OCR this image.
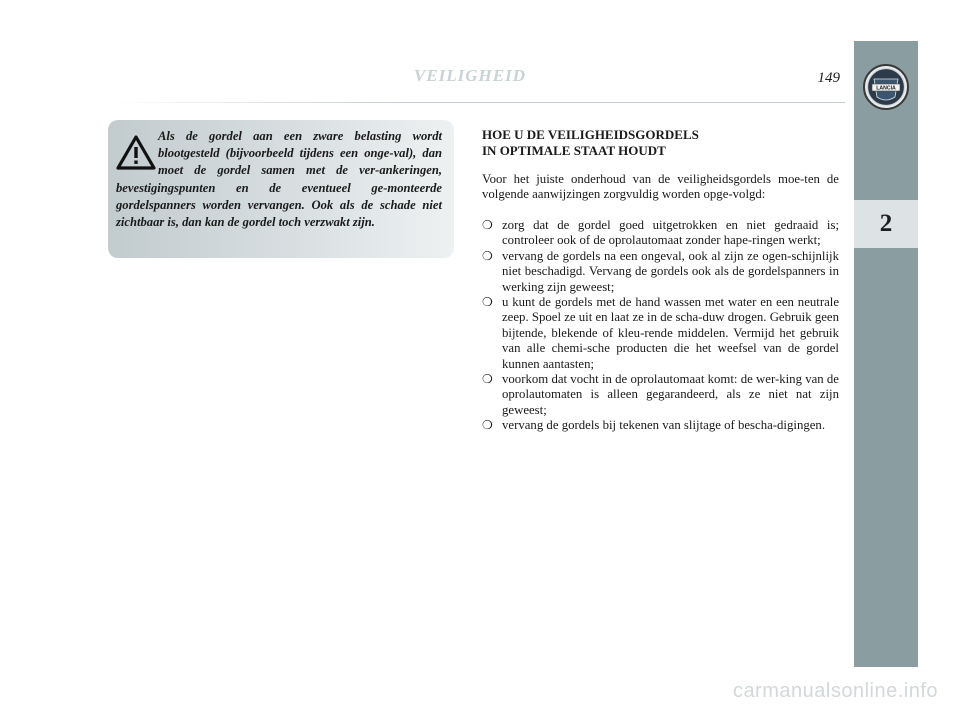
VEILIGHEID	149
LANCIA
2

Als de gordel aan een zware belasting wordt blootgesteld (bijvoorbeeld tijdens een onge-val), dan moet de gordel samen met de ver-ankeringen, bevestigingspunten en de eventueel ge-monteerde gordelspanners worden vervangen. Ook als de schade niet zichtbaar is, dan kan de gordel toch verzwakt zijn.

HOE U DE VEILIGHEIDSGORDELS
IN OPTIMALE STAAT HOUDT

Voor het juiste onderhoud van de veiligheidsgordels moe-ten de volgende aanwijzingen zorgvuldig worden opge-volgd:

❍ zorg dat de gordel goed uitgetrokken en niet gedraaid is; controleer ook of de oprolautomaat zonder hape-ringen werkt;
❍ vervang de gordels na een ongeval, ook al zijn ze ogen-schijnlijk niet beschadigd. Vervang de gordels ook als de gordelspanners in werking zijn geweest;
❍ u kunt de gordels met de hand wassen met water en een neutrale zeep. Spoel ze uit en laat ze in de scha-duw drogen. Gebruik geen bijtende, blekende of kleu-rende middelen. Vermijd het gebruik van alle chemi-sche producten die het weefsel van de gordel kunnen aantasten;
❍ voorkom dat vocht in de oprolautomaat komt: de wer-king van de oprolautomaten is alleen gegarandeerd, als ze niet nat zijn geweest;
❍ vervang de gordels bij tekenen van slijtage of bescha-digingen.
carmanualsonline.info
